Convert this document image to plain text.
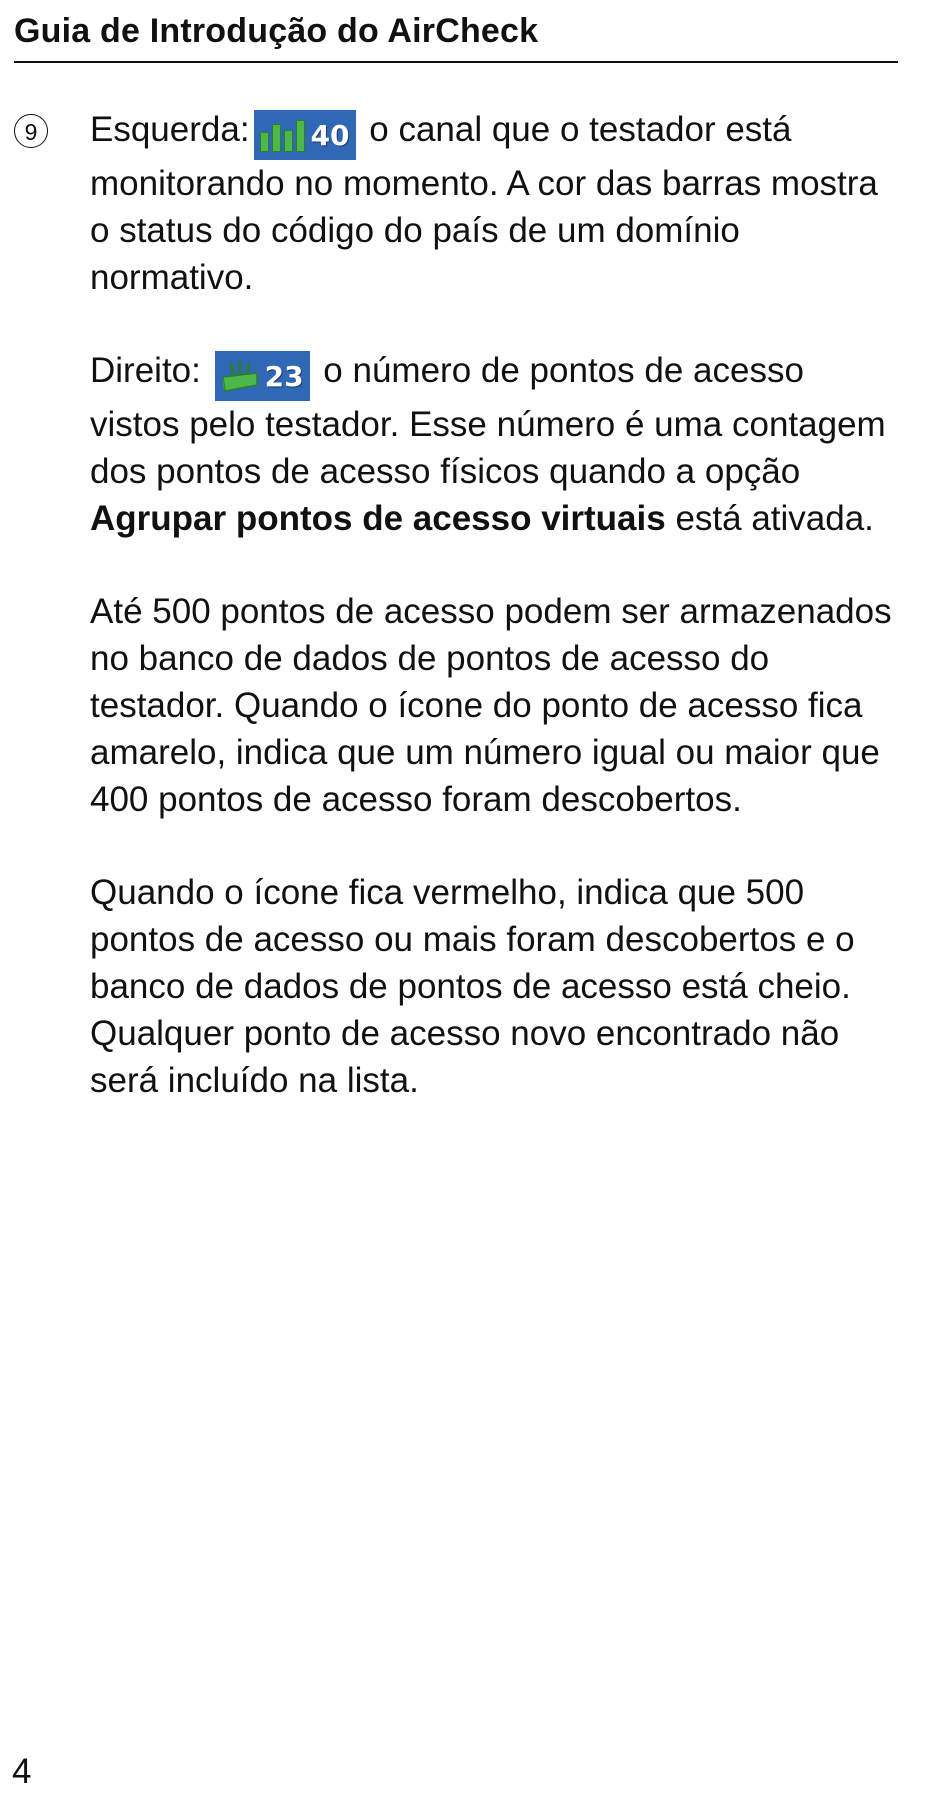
Guia de Introdução do AirCheck
9	Esquerda: 40 o canal que o testador está monitorando no momento. A cor das barras mostra o status do código do país de um domínio normativo.

Direito: 23 o número de pontos de acesso vistos pelo testador. Esse número é uma contagem dos pontos de acesso físicos quando a opção Agrupar pontos de acesso virtuais está ativada.

Até 500 pontos de acesso podem ser armazenados no banco de dados de pontos de acesso do testador. Quando o ícone do ponto de acesso fica amarelo, indica que um número igual ou maior que 400 pontos de acesso foram descobertos.

Quando o ícone fica vermelho, indica que 500 pontos de acesso ou mais foram descobertos e o banco de dados de pontos de acesso está cheio. Qualquer ponto de acesso novo encontrado não será incluído na lista.

4
